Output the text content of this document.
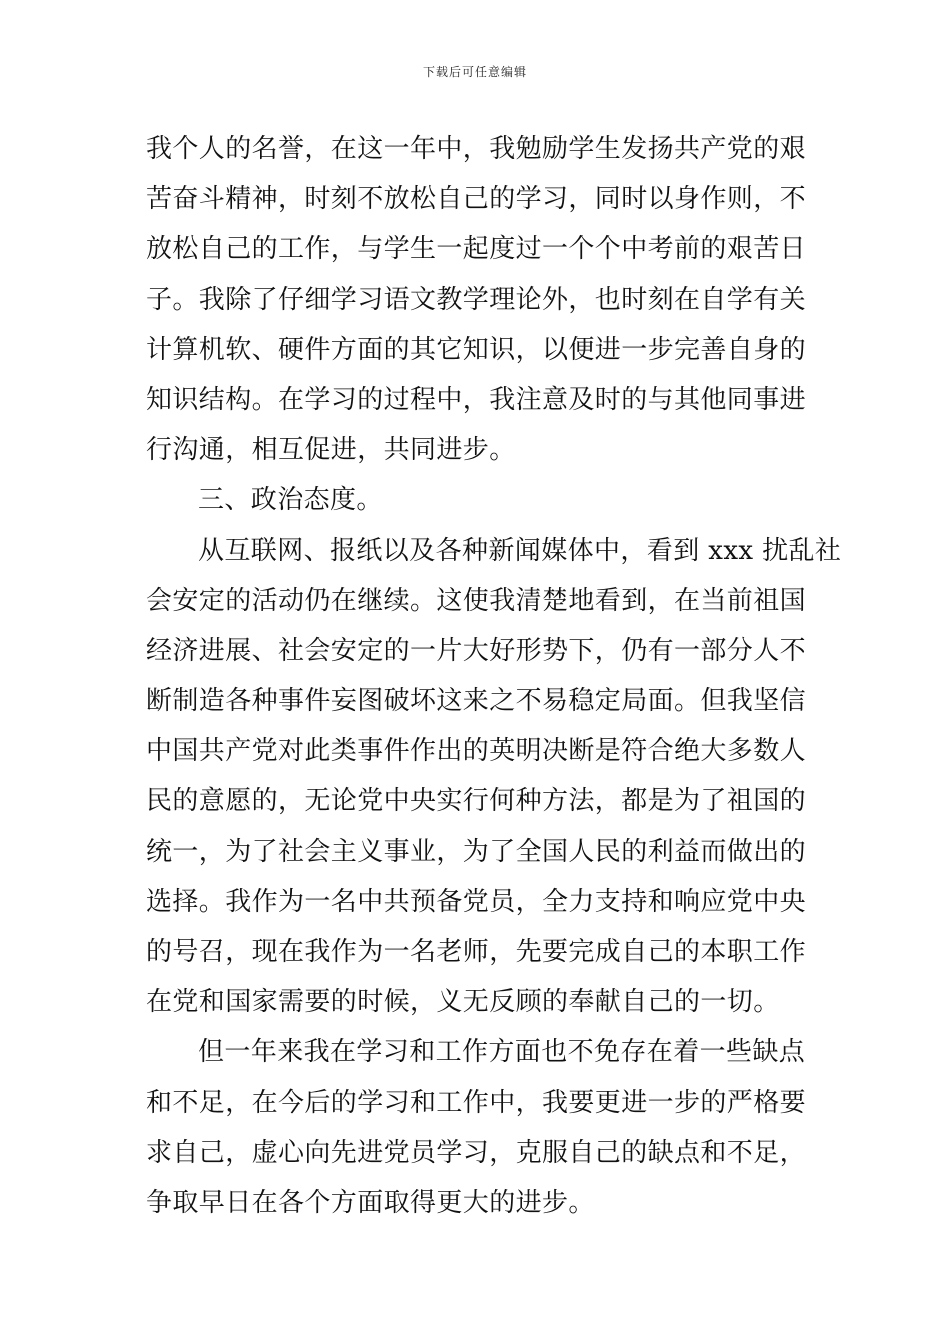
下载后可任意编辑
我个人的名誉，在这一年中，我勉励学生发扬共产党的艰
苦奋斗精神，时刻不放松自己的学习，同时以身作则，不
放松自己的工作，与学生一起度过一个个中考前的艰苦日
子。我除了仔细学习语文教学理论外，也时刻在自学有关
计算机软、硬件方面的其它知识，以便进一步完善自身的
知识结构。在学习的过程中，我注意及时的与其他同事进
行沟通，相互促进，共同进步。
三、政治态度。
从互联网、报纸以及各种新闻媒体中，看到 xxx 扰乱社
会安定的活动仍在继续。这使我清楚地看到，在当前祖国
经济进展、社会安定的一片大好形势下，仍有一部分人不
断制造各种事件妄图破坏这来之不易稳定局面。但我坚信
中国共产党对此类事件作出的英明决断是符合绝大多数人
民的意愿的，无论党中央实行何种方法，都是为了祖国的
统一，为了社会主义事业，为了全国人民的利益而做出的
选择。我作为一名中共预备党员，全力支持和响应党中央
的号召，现在我作为一名老师，先要完成自己的本职工作
在党和国家需要的时候，义无反顾的奉献自己的一切。
但一年来我在学习和工作方面也不免存在着一些缺点
和不足，在今后的学习和工作中，我要更进一步的严格要
求自己，虚心向先进党员学习，克服自己的缺点和不足，
争取早日在各个方面取得更大的进步。
